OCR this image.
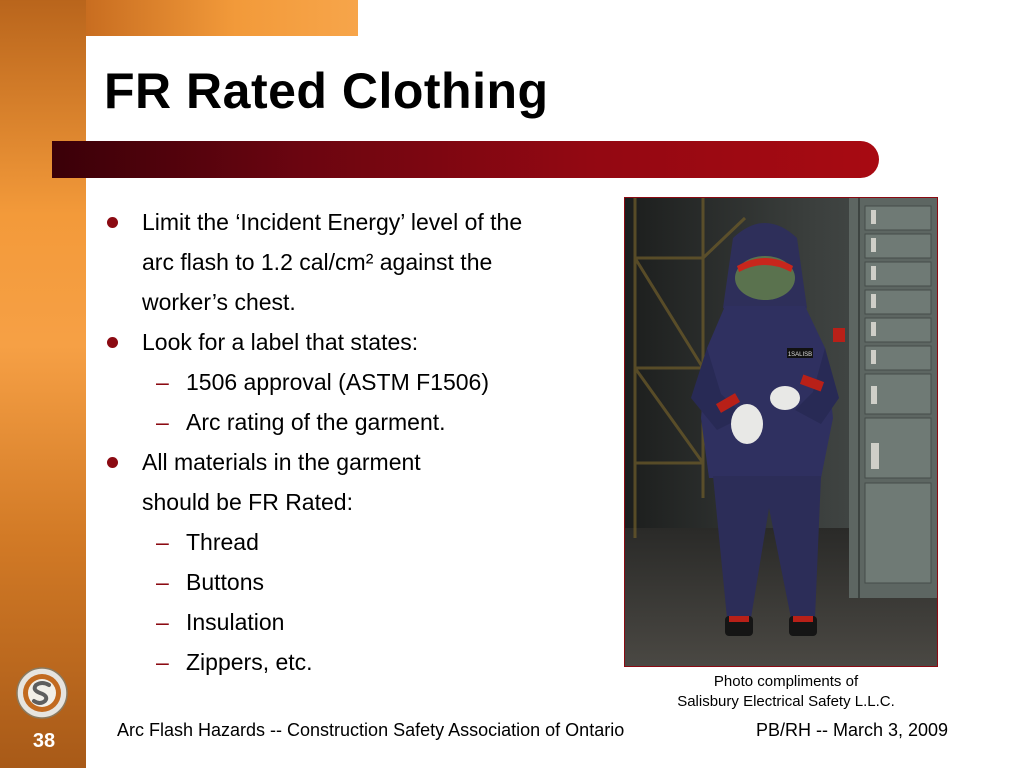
FR Rated Clothing
Limit the ‘Incident Energy’ level of the
arc flash to 1.2 cal/cm² against the
worker’s chest.
Look for a label that states:
– 1506 approval (ASTM F1506)
– Arc rating of the garment.
All materials in the garment
should be FR Rated:
– Thread
– Buttons
– Insulation
– Zippers, etc.
1SALISB
Photo compliments of
Salisbury Electrical Safety L.L.C.
Arc Flash Hazards -- Construction Safety Association of Ontario	PB/RH -- March 3, 2009
38
